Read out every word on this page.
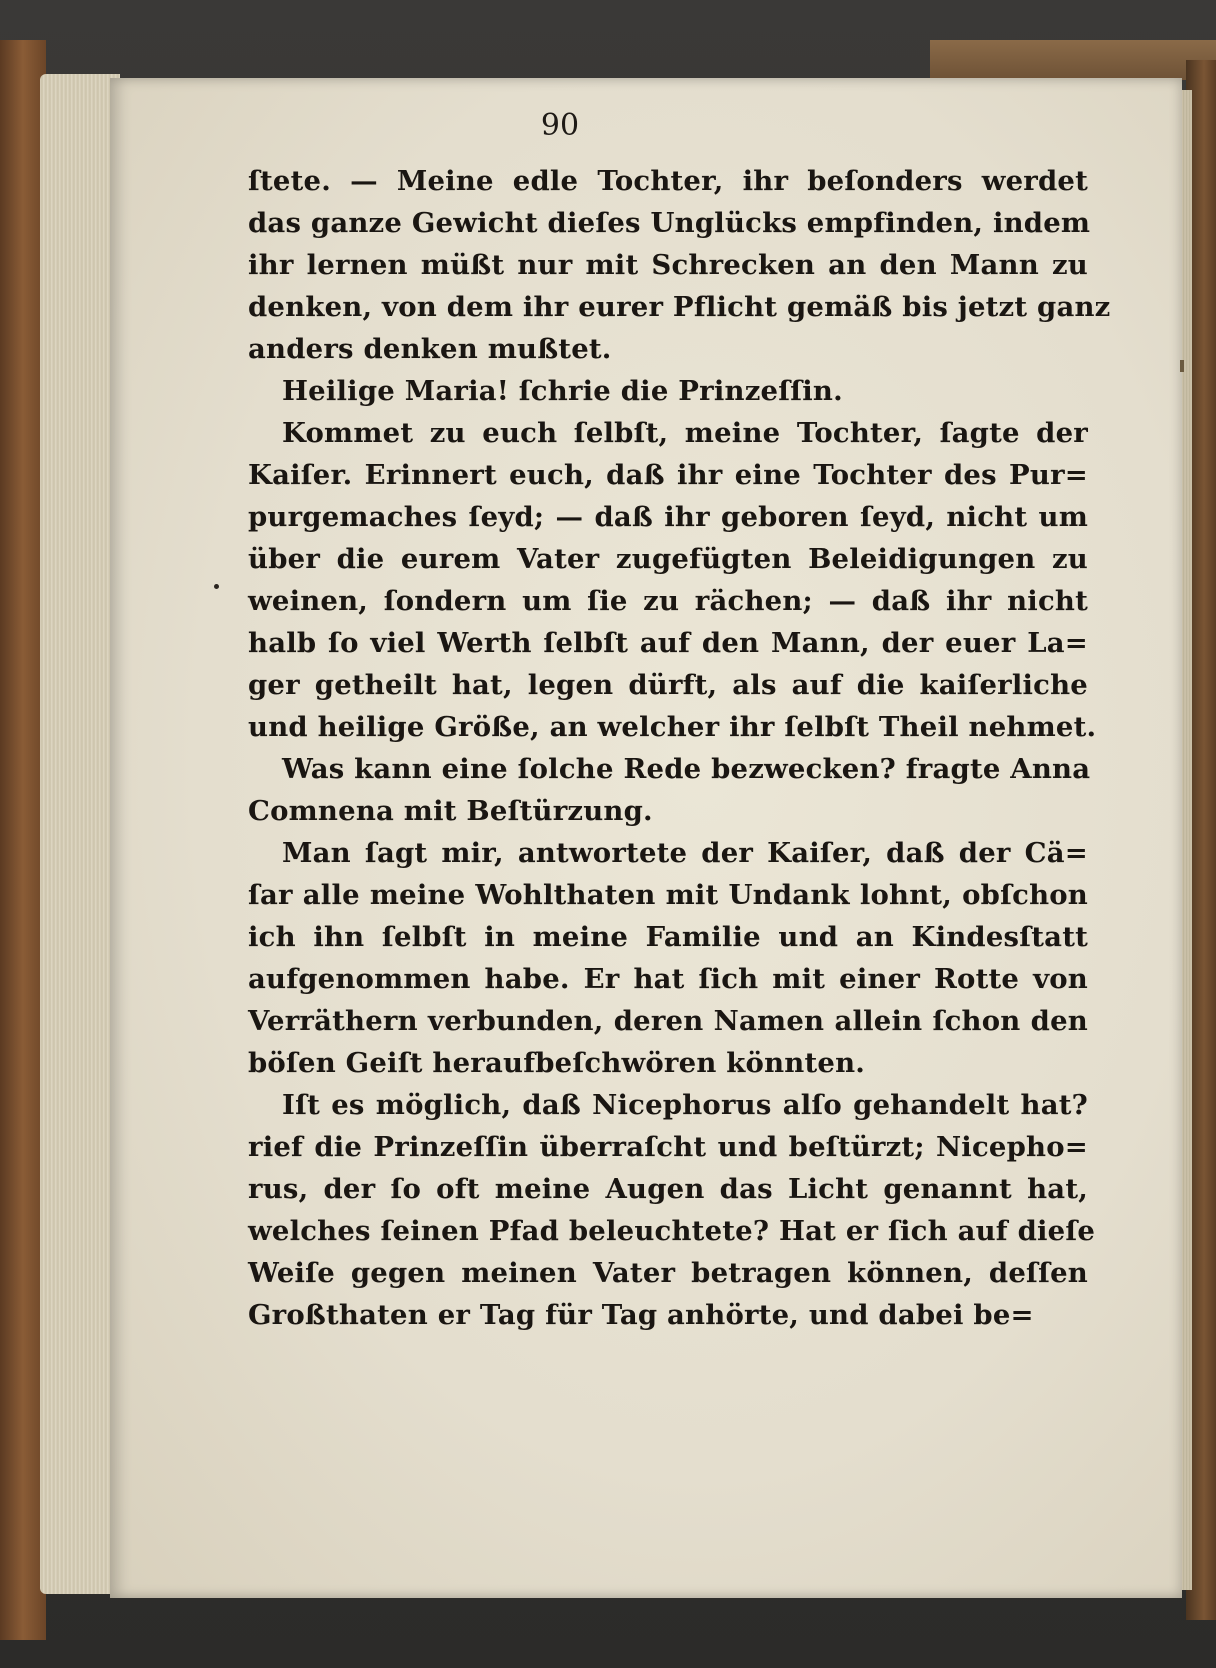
90

ſtete. — Meine edle Tochter, ihr beſonders werdet
das ganze Gewicht dieſes Unglücks empfinden, indem
ihr lernen müßt nur mit Schrecken an den Mann zu
denken, von dem ihr eurer Pflicht gemäß bis jetzt ganz
anders denken mußtet.

Heilige Maria! ſchrie die Prinzeſſin.

Kommet zu euch ſelbſt, meine Tochter, ſagte der
Kaiſer. Erinnert euch, daß ihr eine Tochter des Pur=
purgemaches ſeyd; — daß ihr geboren ſeyd, nicht um
über die eurem Vater zugefügten Beleidigungen zu
weinen, ſondern um ſie zu rächen; — daß ihr nicht
halb ſo viel Werth ſelbſt auf den Mann, der euer La=
ger getheilt hat, legen dürft, als auf die kaiſerliche
und heilige Größe, an welcher ihr ſelbſt Theil nehmet.

Was kann eine ſolche Rede bezwecken? fragte Anna
Comnena mit Beſtürzung.

Man ſagt mir, antwortete der Kaiſer, daß der Cä=
ſar alle meine Wohlthaten mit Undank lohnt, obſchon
ich ihn ſelbſt in meine Familie und an Kindesſtatt
aufgenommen habe. Er hat ſich mit einer Rotte von
Verräthern verbunden, deren Namen allein ſchon den
böſen Geiſt heraufbeſchwören könnten.

Iſt es möglich, daß Nicephorus alſo gehandelt hat?
rief die Prinzeſſin überraſcht und beſtürzt; Nicepho=
rus, der ſo oft meine Augen das Licht genannt hat,
welches ſeinen Pfad beleuchtete? Hat er ſich auf dieſe
Weiſe gegen meinen Vater betragen können, deſſen
Großthaten er Tag für Tag anhörte, und dabei be=
